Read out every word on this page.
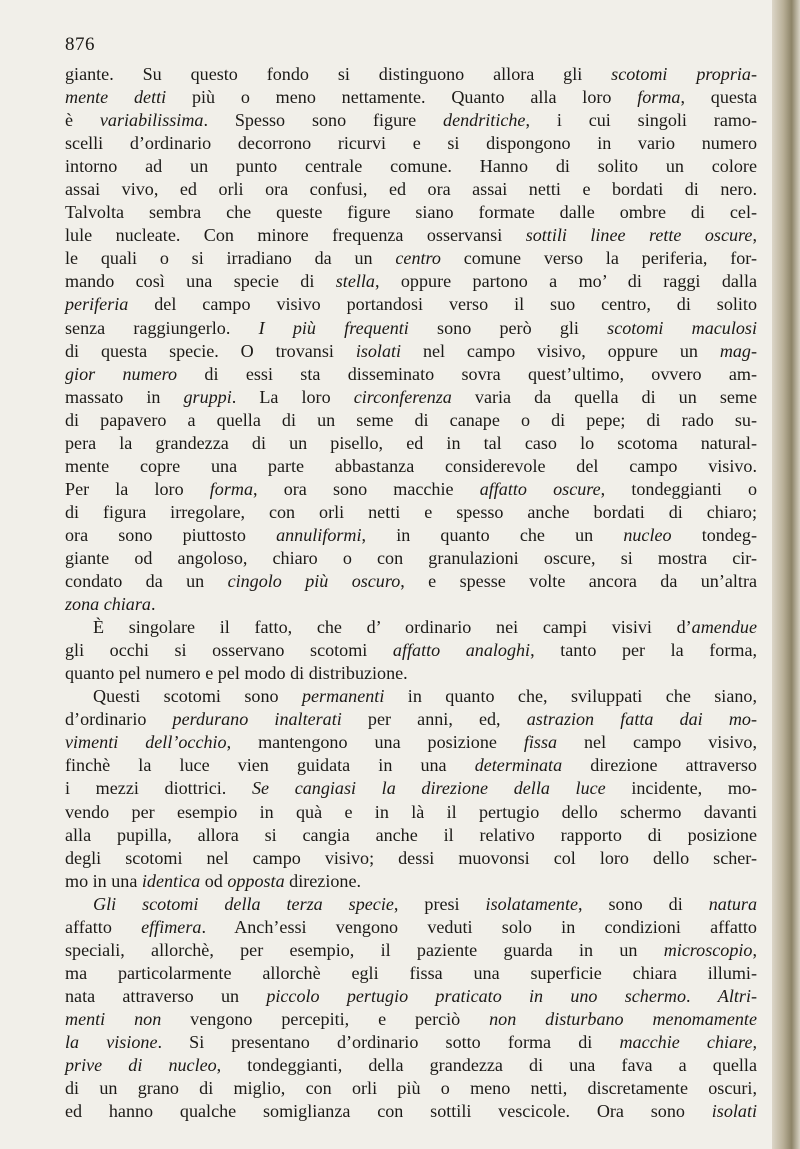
876
giante. Su questo fondo si distinguono allora gli scotomi propria-
mente detti più o meno nettamente. Quanto alla loro forma, questa
è variabilissima. Spesso sono figure dendritiche, i cui singoli ramo-
scelli d’ordinario decorrono ricurvi e si dispongono in vario numero
intorno ad un punto centrale comune. Hanno di solito un colore
assai vivo, ed orli ora confusi, ed ora assai netti e bordati di nero.
Talvolta sembra che queste figure siano formate dalle ombre di cel-
lule nucleate. Con minore frequenza osservansi sottili linee rette oscure,
le quali o si irradiano da un centro comune verso la periferia, for-
mando così una specie di stella, oppure partono a mo’ di raggi dalla
periferia del campo visivo portandosi verso il suo centro, di solito
senza raggiungerlo. I più frequenti sono però gli scotomi maculosi
di questa specie. O trovansi isolati nel campo visivo, oppure un mag-
gior numero di essi sta disseminato sovra quest’ultimo, ovvero am-
massato in gruppi. La loro circonferenza varia da quella di un seme
di papavero a quella di un seme di canape o di pepe; di rado su-
pera la grandezza di un pisello, ed in tal caso lo scotoma natural-
mente copre una parte abbastanza considerevole del campo visivo.
Per la loro forma, ora sono macchie affatto oscure, tondeggianti o
di figura irregolare, con orli netti e spesso anche bordati di chiaro;
ora sono piuttosto annuliformi, in quanto che un nucleo tondeg-
giante od angoloso, chiaro o con granulazioni oscure, si mostra cir-
condato da un cingolo più oscuro, e spesse volte ancora da un’altra
zona chiara.
È singolare il fatto, che d’ ordinario nei campi visivi d’amendue
gli occhi si osservano scotomi affatto analoghi, tanto per la forma,
quanto pel numero e pel modo di distribuzione.
Questi scotomi sono permanenti in quanto che, sviluppati che siano,
d’ordinario perdurano inalterati per anni, ed, astrazion fatta dai mo-
vimenti dell’occhio, mantengono una posizione fissa nel campo visivo,
finchè la luce vien guidata in una determinata direzione attraverso
i mezzi diottrici. Se cangiasi la direzione della luce incidente, mo-
vendo per esempio in quà e in là il pertugio dello schermo davanti
alla pupilla, allora si cangia anche il relativo rapporto di posizione
degli scotomi nel campo visivo; dessi muovonsi col loro dello scher-
mo in una identica od opposta direzione.
Gli scotomi della terza specie, presi isolatamente, sono di natura
affatto effimera. Anch’essi vengono veduti solo in condizioni affatto
speciali, allorchè, per esempio, il paziente guarda in un microscopio,
ma particolarmente allorchè egli fissa una superficie chiara illumi-
nata attraverso un piccolo pertugio praticato in uno schermo. Altri-
menti non vengono percepiti, e perciò non disturbano menomamente
la visione. Si presentano d’ordinario sotto forma di macchie chiare,
prive di nucleo, tondeggianti, della grandezza di una fava a quella
di un grano di miglio, con orli più o meno netti, discretamente oscuri,
ed hanno qualche somiglianza con sottili vescicole. Ora sono isolati
